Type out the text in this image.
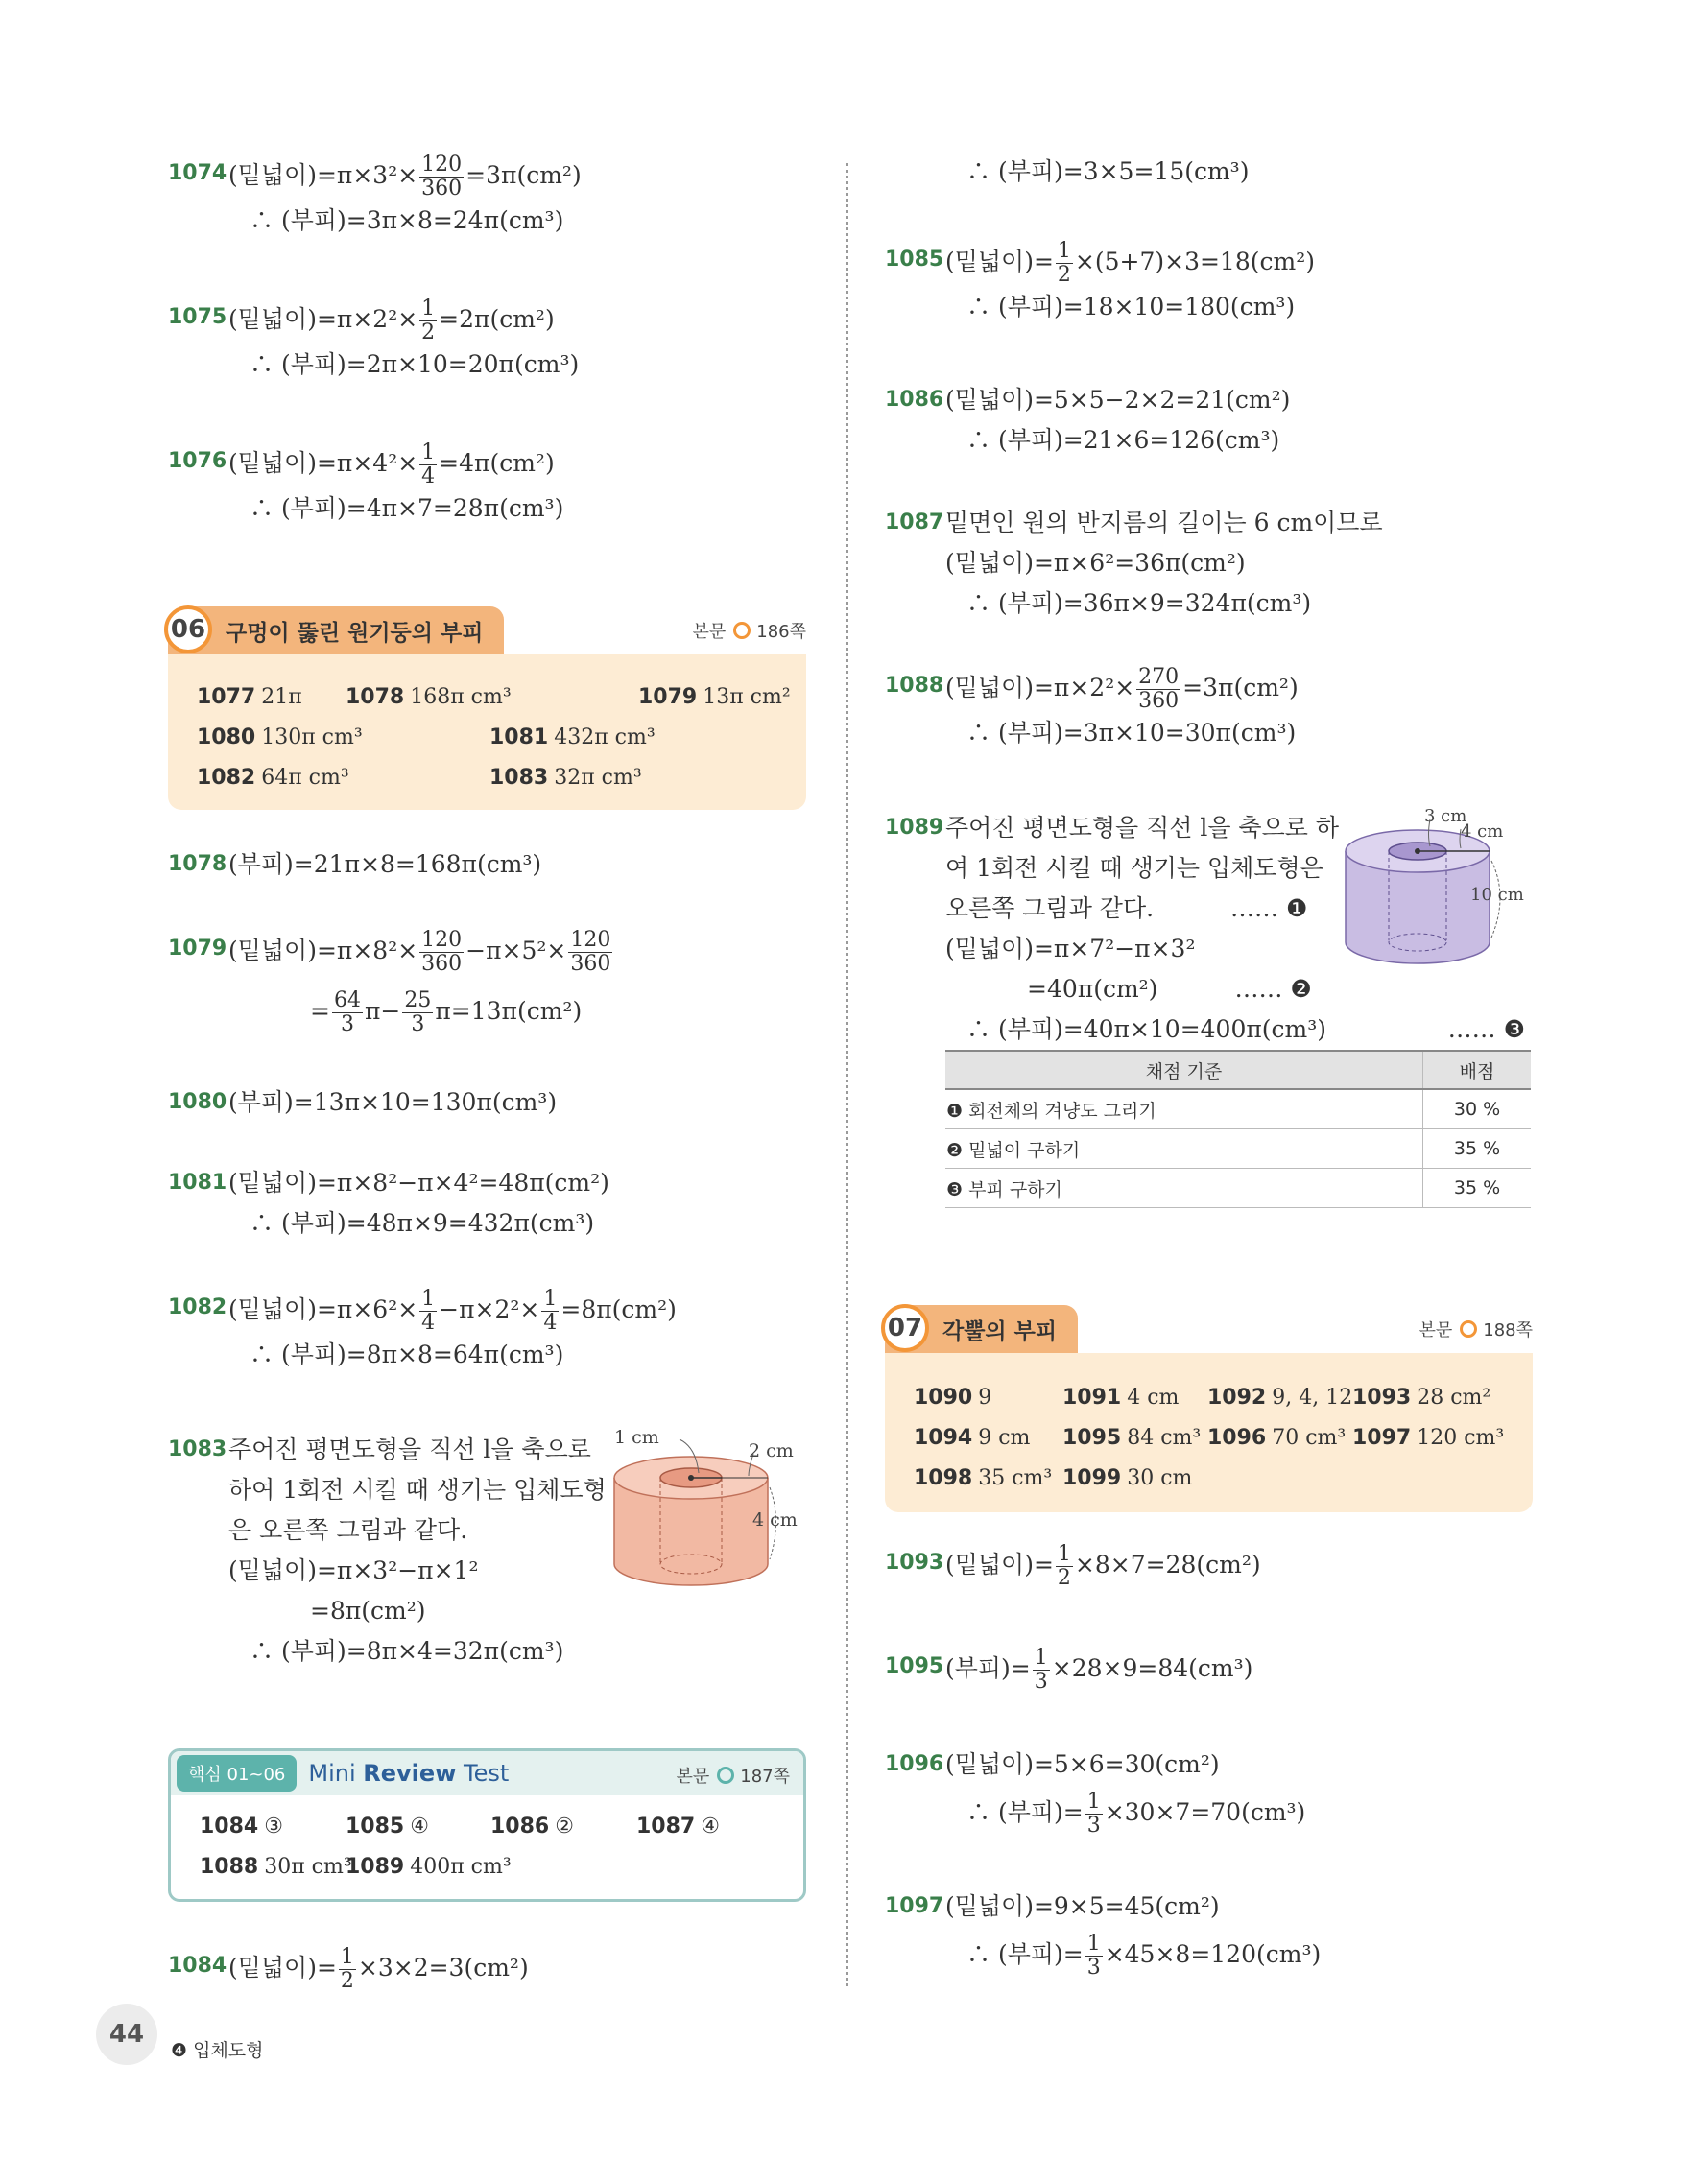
1074 (밑넓이)$=\pi\times 3^2\times \frac{120}{360} =3\pi(cm^2)$
∴ (부피)=3π×8=24π(cm³)
1075 (밑넓이)$=\pi\times 2^2\times \frac{1}{2} =2\pi(cm^2)$
∴ (부피)=2π×10=20π(cm³)
1076 (밑넓이)$=\pi\times 4^2\times \frac{1}{4} =4\pi(cm^2)$
∴ (부피)=4π×7=28π(cm³)
06 구멍이 뚫린 원기둥의 부피	본문 186쪽
1077 21π 1078 168π cm³	1079 13π cm²
1080 130π cm³	1081 432π cm³
1082 64π cm³	1083 32π cm³
1078 (부피)=21π×8=168π(cm³)
1079 (밑넓이)$=\pi\times 8^2\times \frac{120}{360} -\pi\times 5^2\times \frac{120}{360}$
= $\frac{64}{3} \pi- \frac{25}{3} \pi=13\pi(cm^2)$
1080 (부피)=13π×10=130π(cm³)
1081 (밑넓이)=π×8²−π×4²=48π(cm²)
∴ (부피)=48π×9=432π(cm³)
1082 (밑넓이)$=\pi\times 6^2\times \frac{1}{4} -\pi\times 2^2\times \frac{1}{4} =8\pi(cm^2)$
∴ (부피)=8π×8=64π(cm³)
1083 주어진 평면도형을 직선 l을 축으로
하여 1회전 시킬 때 생기는 입체도형
은 오른쪽 그림과 같다.
(밑넓이)=π×3²−π×1²
=8π(cm²)
∴ (부피)=8π×4=32π(cm³)
1 cm
2 cm
4 cm
핵심 01~06	Mini Review Test	본문 187쪽
1084 ③	1085 ④	1086 ②	1087 ④
1088 30π cm³
1089 400π cm³
1084 (밑넓이)= $\frac{1}{2} \times 3\times 2=3(cm^2)$
∴ (부피)=3×5=15(cm³)
1085 (밑넓이)= $\frac{1}{2} \times(5+7)\times 3=18(cm^2)$
∴ (부피)=18×10=180(cm³)
1086 (밑넓이)=5×5−2×2=21(cm²)
∴ (부피)=21×6=126(cm³)
1087 밑면인 원의 반지름의 길이는 6 cm이므로
(밑넓이)=π×6²=36π(cm²)
∴ (부피)=36π×9=324π(cm³)
1088 (밑넓이)$=\pi\times 2^2\times \frac{270}{360} =3\pi(cm^2)$
∴ (부피)=3π×10=30π(cm³)
1089 주어진 평면도형을 직선 l을 축으로 하
여 1회전 시킬 때 생기는 입체도형은
오른쪽 그림과 같다.	…… ❶
(밑넓이)=π×7²−π×3²
=40π(cm²)	…… ❷
∴ (부피)=40π×10=400π(cm³)	…… ❸
3 cm
4 cm
10 cm
채점 기준	배점
❶ 회전체의 겨냥도 그리기	30 %
❷ 밑넓이 구하기	35 %
❸ 부피 구하기	35 %
07 각뿔의 부피	본문 188쪽
1090 9	1091 4 cm 1092 9, 4, 12 1093 28 cm²
1094 9 cm 1095 84 cm³ 1096 70 cm³ 1097 120 cm³
1098 35 cm³ 1099 30 cm
1093 (밑넓이)= $\frac{1}{2} \times 8\times 7=28(cm^2)$
1095 (부피)= $\frac{1}{3} \times 28\times 9=84(cm^3)$
1096 (밑넓이)=5×6=30(cm²)
∴ (부피)= $\frac{1}{3} \times 30\times 7=70(cm^3)$
1097 (밑넓이)=9×5=45(cm²)
∴ (부피)= $\frac{1}{3} \times 45\times 8=120(cm^3)$
44
❹ 입체도형
